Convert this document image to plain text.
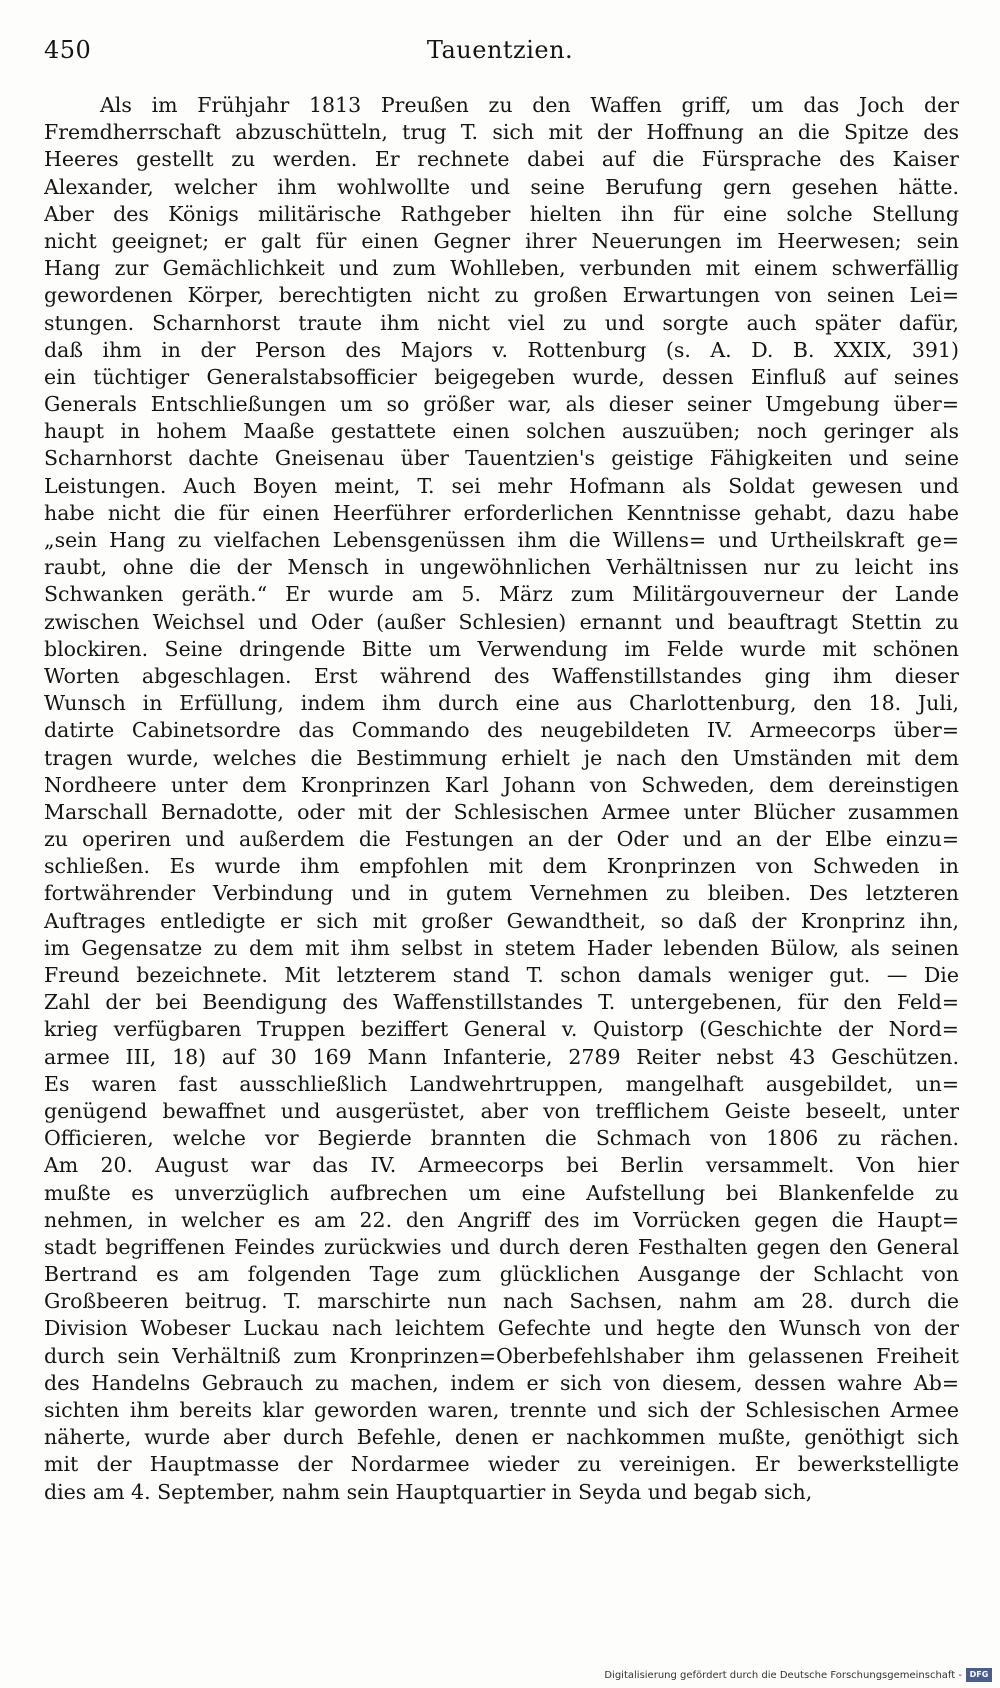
450	Tauentzien.
Als im Frühjahr 1813 Preußen zu den Waffen griff, um das Joch der
Fremdherrschaft abzuschütteln, trug T. sich mit der Hoffnung an die Spitze des
Heeres gestellt zu werden. Er rechnete dabei auf die Fürsprache des Kaiser
Alexander, welcher ihm wohlwollte und seine Berufung gern gesehen hätte.
Aber des Königs militärische Rathgeber hielten ihn für eine solche Stellung
nicht geeignet; er galt für einen Gegner ihrer Neuerungen im Heerwesen; sein
Hang zur Gemächlichkeit und zum Wohlleben, verbunden mit einem schwerfällig
gewordenen Körper, berechtigten nicht zu großen Erwartungen von seinen Lei=
stungen. Scharnhorst traute ihm nicht viel zu und sorgte auch später dafür,
daß ihm in der Person des Majors v. Rottenburg (s. A. D. B. XXIX, 391)
ein tüchtiger Generalstabsofficier beigegeben wurde, dessen Einfluß auf seines
Generals Entschließungen um so größer war, als dieser seiner Umgebung über=
haupt in hohem Maaße gestattete einen solchen auszuüben; noch geringer als
Scharnhorst dachte Gneisenau über Tauentzien's geistige Fähigkeiten und seine
Leistungen. Auch Boyen meint, T. sei mehr Hofmann als Soldat gewesen und
habe nicht die für einen Heerführer erforderlichen Kenntnisse gehabt, dazu habe
„sein Hang zu vielfachen Lebensgenüssen ihm die Willens= und Urtheilskraft ge=
raubt, ohne die der Mensch in ungewöhnlichen Verhältnissen nur zu leicht ins
Schwanken geräth.“ Er wurde am 5. März zum Militärgouverneur der Lande
zwischen Weichsel und Oder (außer Schlesien) ernannt und beauftragt Stettin zu
blockiren. Seine dringende Bitte um Verwendung im Felde wurde mit schönen
Worten abgeschlagen. Erst während des Waffenstillstandes ging ihm dieser
Wunsch in Erfüllung, indem ihm durch eine aus Charlottenburg, den 18. Juli,
datirte Cabinetsordre das Commando des neugebildeten IV. Armeecorps über=
tragen wurde, welches die Bestimmung erhielt je nach den Umständen mit dem
Nordheere unter dem Kronprinzen Karl Johann von Schweden, dem dereinstigen
Marschall Bernadotte, oder mit der Schlesischen Armee unter Blücher zusammen
zu operiren und außerdem die Festungen an der Oder und an der Elbe einzu=
schließen. Es wurde ihm empfohlen mit dem Kronprinzen von Schweden in
fortwährender Verbindung und in gutem Vernehmen zu bleiben. Des letzteren
Auftrages entledigte er sich mit großer Gewandtheit, so daß der Kronprinz ihn,
im Gegensatze zu dem mit ihm selbst in stetem Hader lebenden Bülow, als seinen
Freund bezeichnete. Mit letzterem stand T. schon damals weniger gut. — Die
Zahl der bei Beendigung des Waffenstillstandes T. untergebenen, für den Feld=
krieg verfügbaren Truppen beziffert General v. Quistorp (Geschichte der Nord=
armee III, 18) auf 30 169 Mann Infanterie, 2789 Reiter nebst 43 Geschützen.
Es waren fast ausschließlich Landwehrtruppen, mangelhaft ausgebildet, un=
genügend bewaffnet und ausgerüstet, aber von trefflichem Geiste beseelt, unter
Officieren, welche vor Begierde brannten die Schmach von 1806 zu rächen.
Am 20. August war das IV. Armeecorps bei Berlin versammelt. Von hier
mußte es unverzüglich aufbrechen um eine Aufstellung bei Blankenfelde zu
nehmen, in welcher es am 22. den Angriff des im Vorrücken gegen die Haupt=
stadt begriffenen Feindes zurückwies und durch deren Festhalten gegen den General
Bertrand es am folgenden Tage zum glücklichen Ausgange der Schlacht von
Großbeeren beitrug. T. marschirte nun nach Sachsen, nahm am 28. durch die
Division Wobeser Luckau nach leichtem Gefechte und hegte den Wunsch von der
durch sein Verhältniß zum Kronprinzen=Oberbefehlshaber ihm gelassenen Freiheit
des Handelns Gebrauch zu machen, indem er sich von diesem, dessen wahre Ab=
sichten ihm bereits klar geworden waren, trennte und sich der Schlesischen Armee
näherte, wurde aber durch Befehle, denen er nachkommen mußte, genöthigt sich
mit der Hauptmasse der Nordarmee wieder zu vereinigen. Er bewerkstelligte
dies am 4. September, nahm sein Hauptquartier in Seyda und begab sich,
Digitalisierung gefördert durch die Deutsche Forschungsgemeinschaft - DFG
